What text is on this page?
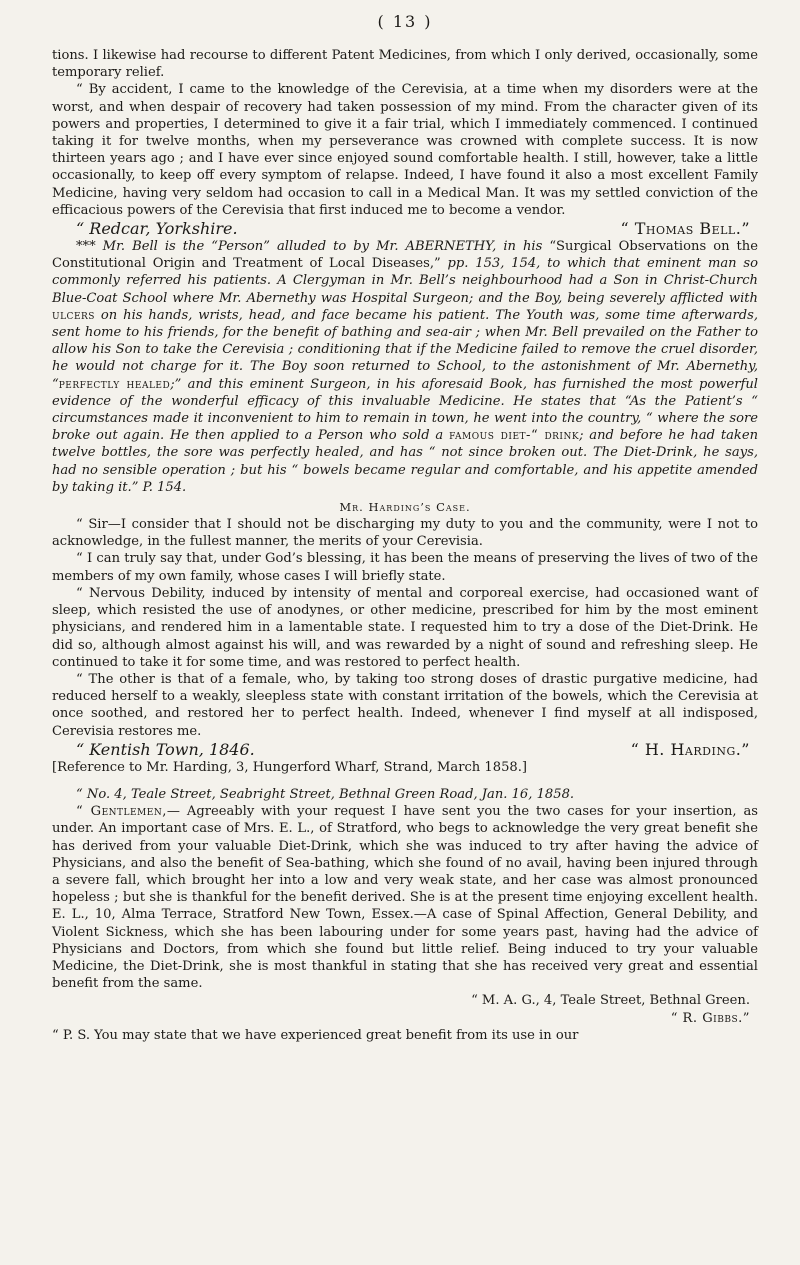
( 13 )

tions. I likewise had recourse to different Patent Medicines, from which I only derived, occasionally, some temporary relief.

“ By accident, I came to the knowledge of the Cerevisia, at a time when my disorders were at the worst, and when despair of recovery had taken possession of my mind. From the character given of its powers and properties, I determined to give it a fair trial, which I immediately commenced. I continued taking it for twelve months, when my perseverance was crowned with complete success. It is now thirteen years ago ; and I have ever since enjoyed sound comfortable health. I still, however, take a little occasionally, to keep off every symptom of relapse. Indeed, I have found it also a most excellent Family Medicine, having very seldom had occasion to call in a Medical Man. It was my settled conviction of the efficacious powers of the Cerevisia that first induced me to become a vendor.

“ Redcar, Yorkshire.	“ Thomas Bell.”

*** Mr. Bell is the “Person” alluded to by Mr. ABERNETHY, in his “Surgical Observations on the Constitutional Origin and Treatment of Local Diseases,” pp. 153, 154, to which that eminent man so commonly referred his patients. A Clergyman in Mr. Bell’s neighbourhood had a Son in Christ-Church Blue-Coat School where Mr. Abernethy was Hospital Surgeon; and the Boy, being severely afflicted with ulcers on his hands, wrists, head, and face became his patient. The Youth was, some time afterwards, sent home to his friends, for the benefit of bathing and sea-air ; when Mr. Bell prevailed on the Father to allow his Son to take the Cerevisia ; conditioning that if the Medicine failed to remove the cruel disorder, he would not charge for it. The Boy soon returned to School, to the astonishment of Mr. Abernethy, “perfectly healed;” and this eminent Surgeon, in his aforesaid Book, has furnished the most powerful evidence of the wonderful efficacy of this invaluable Medicine. He states that “As the Patient’s “ circumstances made it inconvenient to him to remain in town, he went into the country, “ where the sore broke out again. He then applied to a Person who sold a famous diet-“ drink; and before he had taken twelve bottles, the sore was perfectly healed, and has “ not since broken out. The Diet-Drink, he says, had no sensible operation ; but his “ bowels became regular and comfortable, and his appetite amended by taking it.” P. 154.

Mr. Harding’s Case.

“ Sir—I consider that I should not be discharging my duty to you and the community, were I not to acknowledge, in the fullest manner, the merits of your Cerevisia.

“ I can truly say that, under God’s blessing, it has been the means of preserving the lives of two of the members of my own family, whose cases I will briefly state.

“ Nervous Debility, induced by intensity of mental and corporeal exercise, had occasioned want of sleep, which resisted the use of anodynes, or other medicine, prescribed for him by the most eminent physicians, and rendered him in a lamentable state. I requested him to try a dose of the Diet-Drink. He did so, although almost against his will, and was rewarded by a night of sound and refreshing sleep. He continued to take it for some time, and was restored to perfect health.

“ The other is that of a female, who, by taking too strong doses of drastic purgative medicine, had reduced herself to a weakly, sleepless state with constant irritation of the bowels, which the Cerevisia at once soothed, and restored her to perfect health. Indeed, whenever I find myself at all indisposed, Cerevisia restores me.

“ Kentish Town, 1846.	“ H. Harding.”

[Reference to Mr. Harding, 3, Hungerford Wharf, Strand, March 1858.]

“ No. 4, Teale Street, Seabright Street, Bethnal Green Road, Jan. 16, 1858.

“ Gentlemen,— Agreeably with your request I have sent you the two cases for your insertion, as under. An important case of Mrs. E. L., of Stratford, who begs to acknowledge the very great benefit she has derived from your valuable Diet-Drink, which she was induced to try after having the advice of Physicians, and also the benefit of Sea-bathing, which she found of no avail, having been injured through a severe fall, which brought her into a low and very weak state, and her case was almost pronounced hopeless ; but she is thankful for the benefit derived. She is at the present time enjoying excellent health. E. L., 10, Alma Terrace, Stratford New Town, Essex.—A case of Spinal Affection, General Debility, and Violent Sickness, which she has been labouring under for some years past, having had the advice of Physicians and Doctors, from which she found but little relief. Being induced to try your valuable Medicine, the Diet-Drink, she is most thankful in stating that she has received very great and essential benefit from the same.

“ M. A. G., 4, Teale Street, Bethnal Green.

“ R. Gibbs.”

“ P. S. You may state that we have experienced great benefit from its use in our
